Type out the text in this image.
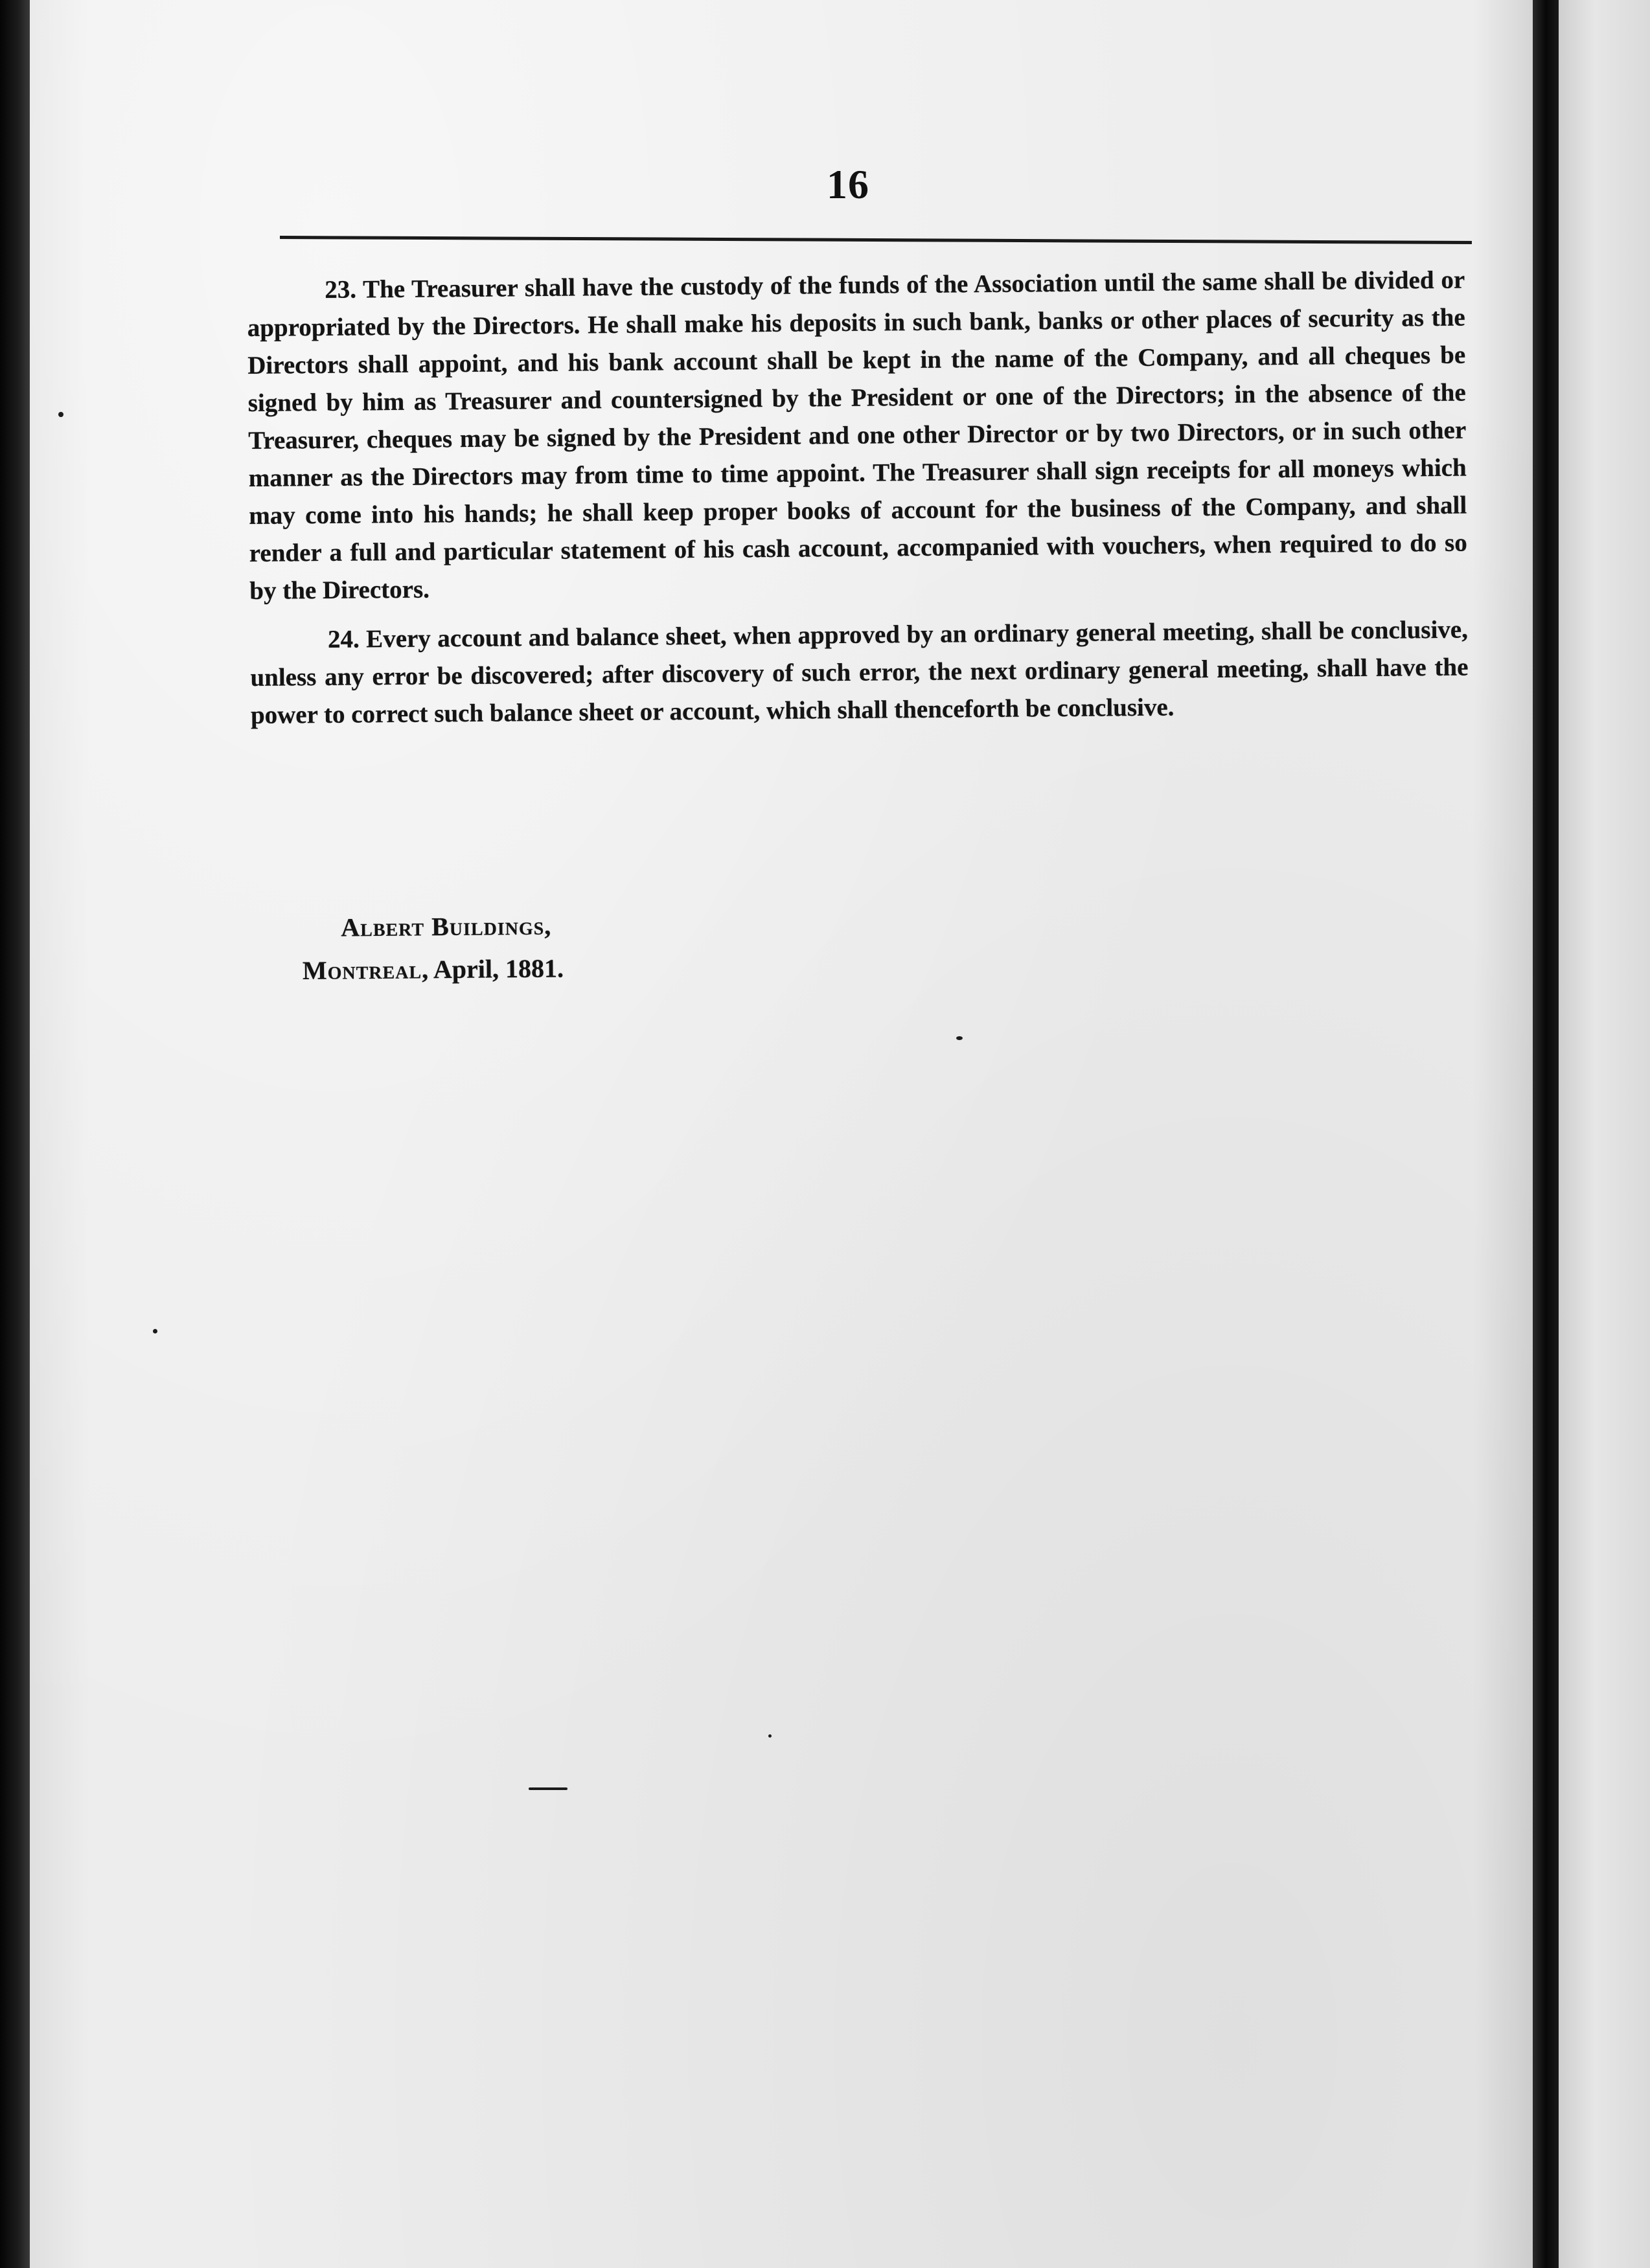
16

23. The Treasurer shall have the custody of the funds of the Association until the same shall be divided or appropriated by the Directors. He shall make his deposits in such bank, banks or other places of security as the Directors shall appoint, and his bank account shall be kept in the name of the Company, and all cheques be signed by him as Treasurer and countersigned by the President or one of the Directors; in the absence of the Treasurer, cheques may be signed by the President and one other Director or by two Directors, or in such other manner as the Directors may from time to time appoint. The Treasurer shall sign receipts for all moneys which may come into his hands; he shall keep proper books of account for the business of the Company, and shall render a full and particular statement of his cash account, accompanied with vouchers, when required to do so by the Directors.

24. Every account and balance sheet, when approved by an ordinary general meeting, shall be conclusive, unless any error be discovered; after discovery of such error, the next ordinary general meeting, shall have the power to correct such balance sheet or account, which shall thenceforth be conclusive.

Albert Buildings,
Montreal, April, 1881.
